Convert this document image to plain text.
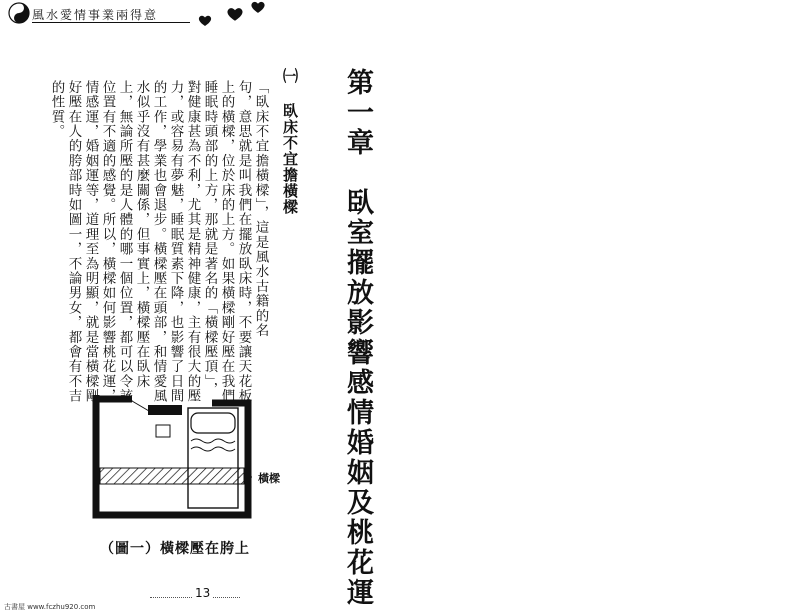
風水愛情事業兩得意
第一章　臥室擺放影響感情婚姻及桃花運
㈠ 臥床不宜擔橫樑
「臥床不宜擔橫樑」，這是風水古籍的名
句，意思就是叫我們在擺放臥床時，不要讓天花板
上的橫樑，位於床的上方。如果橫樑剛好壓在我們
睡眠時頭部的上方，那就是著名的「橫樑壓頂」，
對健康甚為不利，尤其是精神健康，主有很大的壓
力，或容易有夢魅，睡眠質素下降，也影響了日間
的工作，學業也會退步。橫樑壓在頭部，和情愛風
水似乎沒有甚麼關係，但事實上，橫樑壓在臥床
上，無論所壓的是人體的哪一個位置，都可以令該
位置有不適的感覺。所以，橫樑如何影響桃花運，
情感運，婚姻運等，道理至為明顯，就是當橫樑剛
好壓在人的胯部時如圖一，不論男女，都會有不吉
的性質。
橫樑
（圖一）橫樑壓在胯上
13
古書屋 www.fczhu920.com
